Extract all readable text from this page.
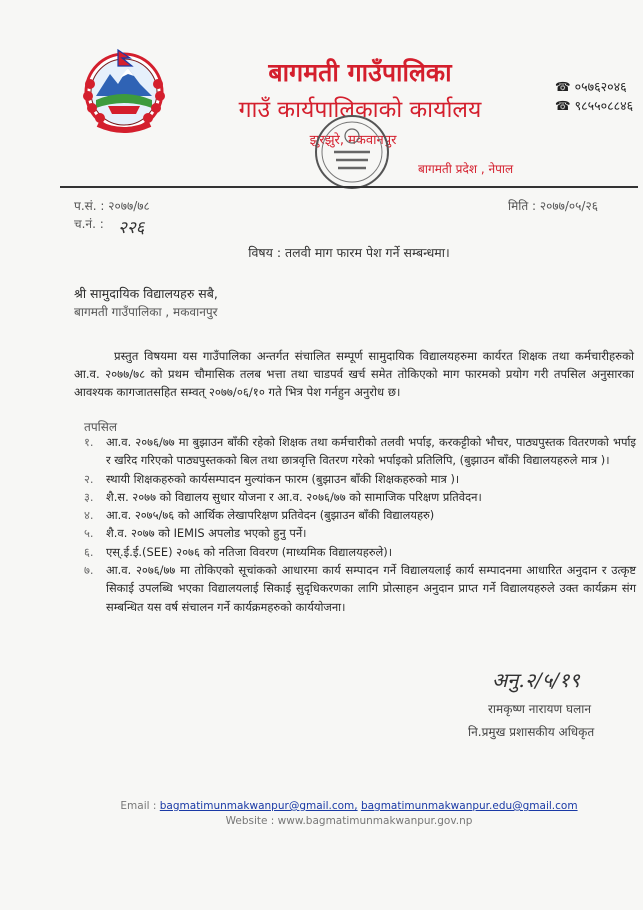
बागमती गाउँपालिका
गाउँ कार्यपालिकाको कार्यालय
झुरझुरे, मकवानपुर
☎ ०५७६२०४६
☎ ९८५५०८८४६
बागमती प्रदेश , नेपाल
प.सं. : २०७७/७८
च.नं. : २२६
मिति : २०७७/०५/२६
विषय : तलवी माग फारम पेश गर्ने सम्बन्धमा।
श्री सामुदायिक विद्यालयहरु सबै,
बागमती गाउँपालिका , मकवानपुर
प्रस्तुत विषयमा यस गाउँपालिका अन्तर्गत संचालित सम्पूर्ण सामुदायिक विद्यालयहरुमा कार्यरत शिक्षक तथा कर्मचारीहरुको आ.व. २०७७/७८ को प्रथम चौमासिक तलब भत्ता तथा चाडपर्व खर्च समेत तोकिएको माग फारमको प्रयोग गरी तपसिल अनुसारका आवश्यक कागजातसहित सम्वत् २०७७/०६/१० गते भित्र पेश गर्नहुन अनुरोध छ।
तपसिल
१.	आ.व. २०७६/७७ मा बुझाउन बाँकी रहेको शिक्षक तथा कर्मचारीको तलवी भर्पाइ, करकट्टीको भौचर, पाठ्यपुस्तक वितरणको भर्पाइ र खरिद गरिएको पाठ्यपुस्तकको बिल तथा छात्रवृत्ति वितरण गरेको भर्पाइको प्रतिलिपि, (बुझाउन बाँकी विद्यालयहरुले मात्र )।
२.	स्थायी शिक्षकहरुको कार्यसम्पादन मुल्यांकन फारम (बुझाउन बाँकी शिक्षकहरुको मात्र )।
३.	शै.स. २०७७ को विद्यालय सुधार योजना र आ.व. २०७६/७७ को सामाजिक परिक्षण प्रतिवेदन।
४.	आ.व. २०७५/७६ को आर्थिक लेखापरिक्षण प्रतिवेदन (बुझाउन बाँकी विद्यालयहरु)
५.	शै.व. २०७७ को IEMIS अपलोड भएको हुनु पर्ने।
६.	एस्.ई.ई.(SEE) २०७६ को नतिजा विवरण (माध्यमिक विद्यालयहरुले)।
७.	आ.व. २०७६/७७ मा तोकिएको सूचांकको आधारमा कार्य सम्पादन गर्ने विद्यालयलाई कार्य सम्पादनमा आधारित अनुदान र उत्कृष्ट सिकाई उपलब्धि भएका विद्यालयलाई सिकाई सुदृधिकरणका लागि प्रोत्साहन अनुदान प्राप्त गर्ने विद्यालयहरुले उक्त कार्यक्रम संग सम्बन्धित यस वर्ष संचालन गर्ने कार्यक्रमहरुको कार्ययोजना।
अनु.२/५/१९
रामकृष्ण नारायण घलान
नि.प्रमुख प्रशासकीय अधिकृत
Email : bagmatimunmakwanpur@gmail.com, bagmatimunmakwanpur.edu@gmail.com
Website : www.bagmatimunmakwanpur.gov.np
